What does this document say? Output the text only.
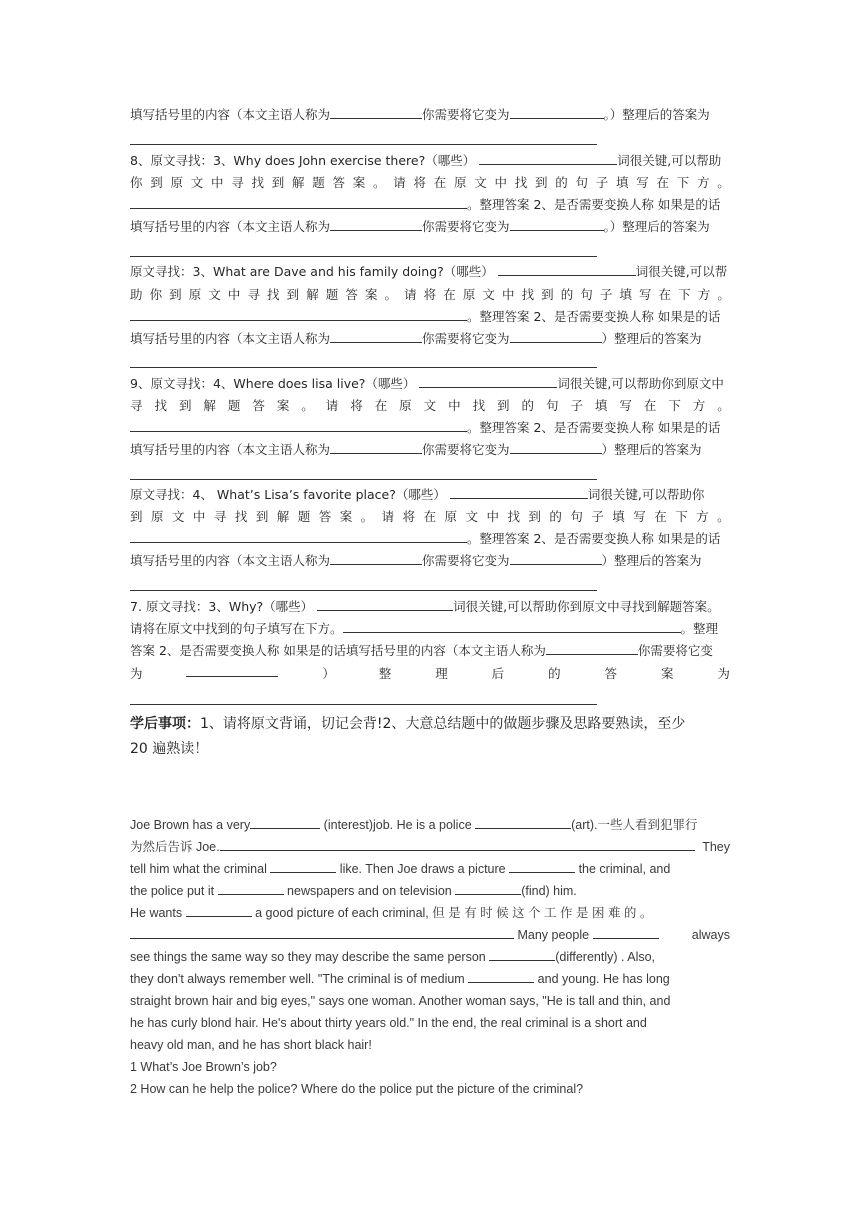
填写括号里的内容（本文主语人称为	你需要将它变为	。）整理后的答案为
8、原文寻找：3、Why does John exercise there?（哪些）	词很关键,可以帮助
你 到 原 文 中 寻 找 到 解 题 答 案 。 请 将 在 原 文 中 找 到 的 句 子 填 写 在 下 方 。
。整理答案 2、是否需要变换人称 如果是的话
填写括号里的内容（本文主语人称为	你需要将它变为	。）整理后的答案为
原文寻找：3、What are Dave and his family doing?（哪些）	词很关键,可以帮
助 你 到 原 文 中 寻 找 到 解 题 答 案 。 请 将 在 原 文 中 找 到 的 句 子 填 写 在 下 方 。
。整理答案 2、是否需要变换人称 如果是的话
填写括号里的内容（本文主语人称为	你需要将它变为	）整理后的答案为
9、原文寻找：4、Where does lisa live?（哪些）	词很关键,可以帮助你到原文中
寻 找 到 解 题 答 案 。 请 将 在 原 文 中 找 到 的 句 子 填 写 在 下 方 。
。整理答案 2、是否需要变换人称 如果是的话
填写括号里的内容（本文主语人称为	你需要将它变为	）整理后的答案为
原文寻找：4、 What’s Lisa’s favorite place?（哪些）	词很关键,可以帮助你
到 原 文 中 寻 找 到 解 题 答 案 。 请 将 在 原 文 中 找 到 的 句 子 填 写 在 下 方 。
。整理答案 2、是否需要变换人称 如果是的话
填写括号里的内容（本文主语人称为	你需要将它变为	）整理后的答案为
7. 原文寻找：3、Why?（哪些）	词很关键,可以帮助你到原文中寻找到解题答案。
请将在原文中找到的句子填写在下方。	。整理
答案 2、是否需要变换人称 如果是的话填写括号里的内容（本文主语人称为	你需要将它变
为	）	整	理	后	的	答	案	为
学后事项：1、请将原文背诵，切记会背!2、大意总结题中的做题步骤及思路要熟读，至少
20 遍熟读！
Joe Brown has a very	(interest)job. He is a police	(art).一些人看到犯罪行
为然后告诉 Joe.	They
tell him what the criminal	like. Then Joe draws a picture	the criminal, and
the police put it	newspapers and on television	(find) him.
He wants	a good picture of each criminal, 但 是 有 时 候 这 个 工 作 是 困 难 的 。
Many people	always
see things the same way so they may describe the same person	(differently) . Also,
they don't always remember well. "The criminal is of medium	and young. He has long
straight brown hair and big eyes," says one woman. Another woman says, "He is tall and thin, and
he has curly blond hair. He's about thirty years old." In the end, the real criminal is a short and
heavy old man, and he has short black hair!
1 What’s Joe Brown’s job?
2 How can he help the police? Where do the police put the picture of the criminal?
